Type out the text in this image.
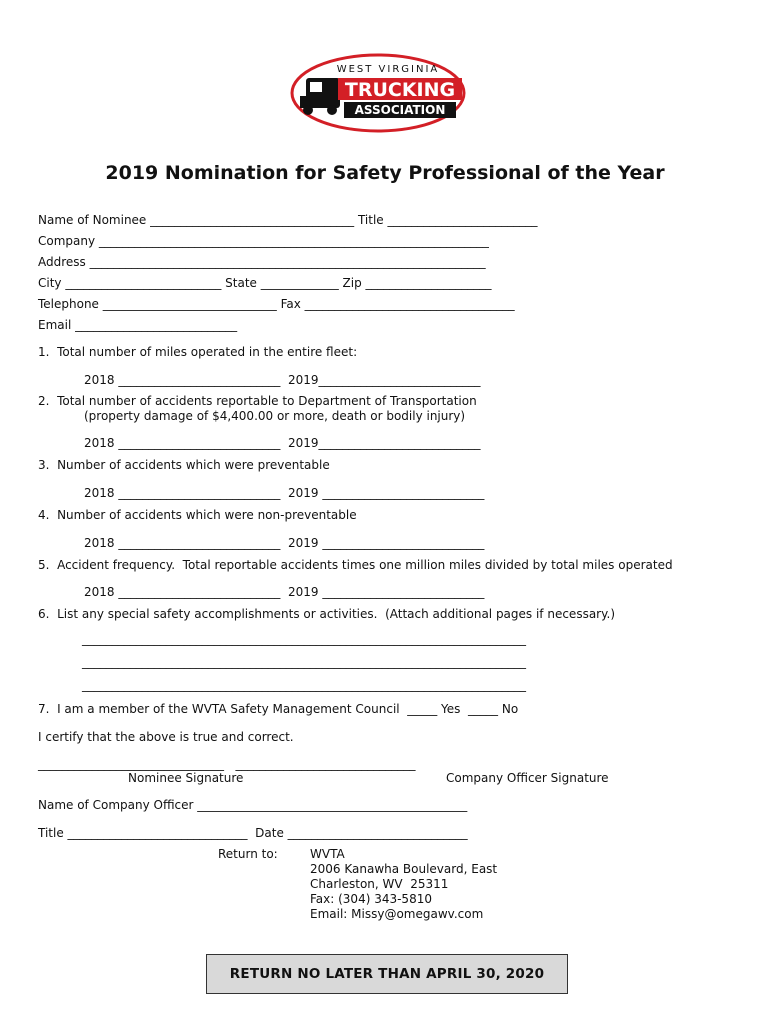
WEST VIRGINIA
TRUCKING
ASSOCIATION
2019 Nomination for Safety Professional of the Year
Name of Nominee __________________________________ Title _________________________
Company _________________________________________________________________
Address __________________________________________________________________
City __________________________ State _____________ Zip _____________________
Telephone _____________________________ Fax ___________________________________
Email ___________________________
1.  Total number of miles operated in the entire fleet:
2018 ___________________________  2019___________________________
2.  Total number of accidents reportable to Department of Transportation
(property damage of $4,400.00 or more, death or bodily injury)
2018 ___________________________  2019___________________________
3.  Number of accidents which were preventable
2018 ___________________________  2019 ___________________________
4.  Number of accidents which were non-preventable
2018 ___________________________  2019 ___________________________
5.  Accident frequency.  Total reportable accidents times one million miles divided by total miles operated
2018 ___________________________  2019 ___________________________
6.  List any special safety accomplishments or activities.  (Attach additional pages if necessary.)
__________________________________________________________________________
__________________________________________________________________________
__________________________________________________________________________
7.  I am a member of the WVTA Safety Management Council  _____ Yes  _____ No
I certify that the above is true and correct.
_______________________________   ______________________________
Nominee Signature	Company Officer Signature
Name of Company Officer _____________________________________________
Title ______________________________  Date ______________________________
Return to:	WVTA
2006 Kanawha Boulevard, East
Charleston, WV  25311
Fax: (304) 343-5810
Email: Missy@omegawv.com
RETURN NO LATER THAN APRIL 30, 2020
